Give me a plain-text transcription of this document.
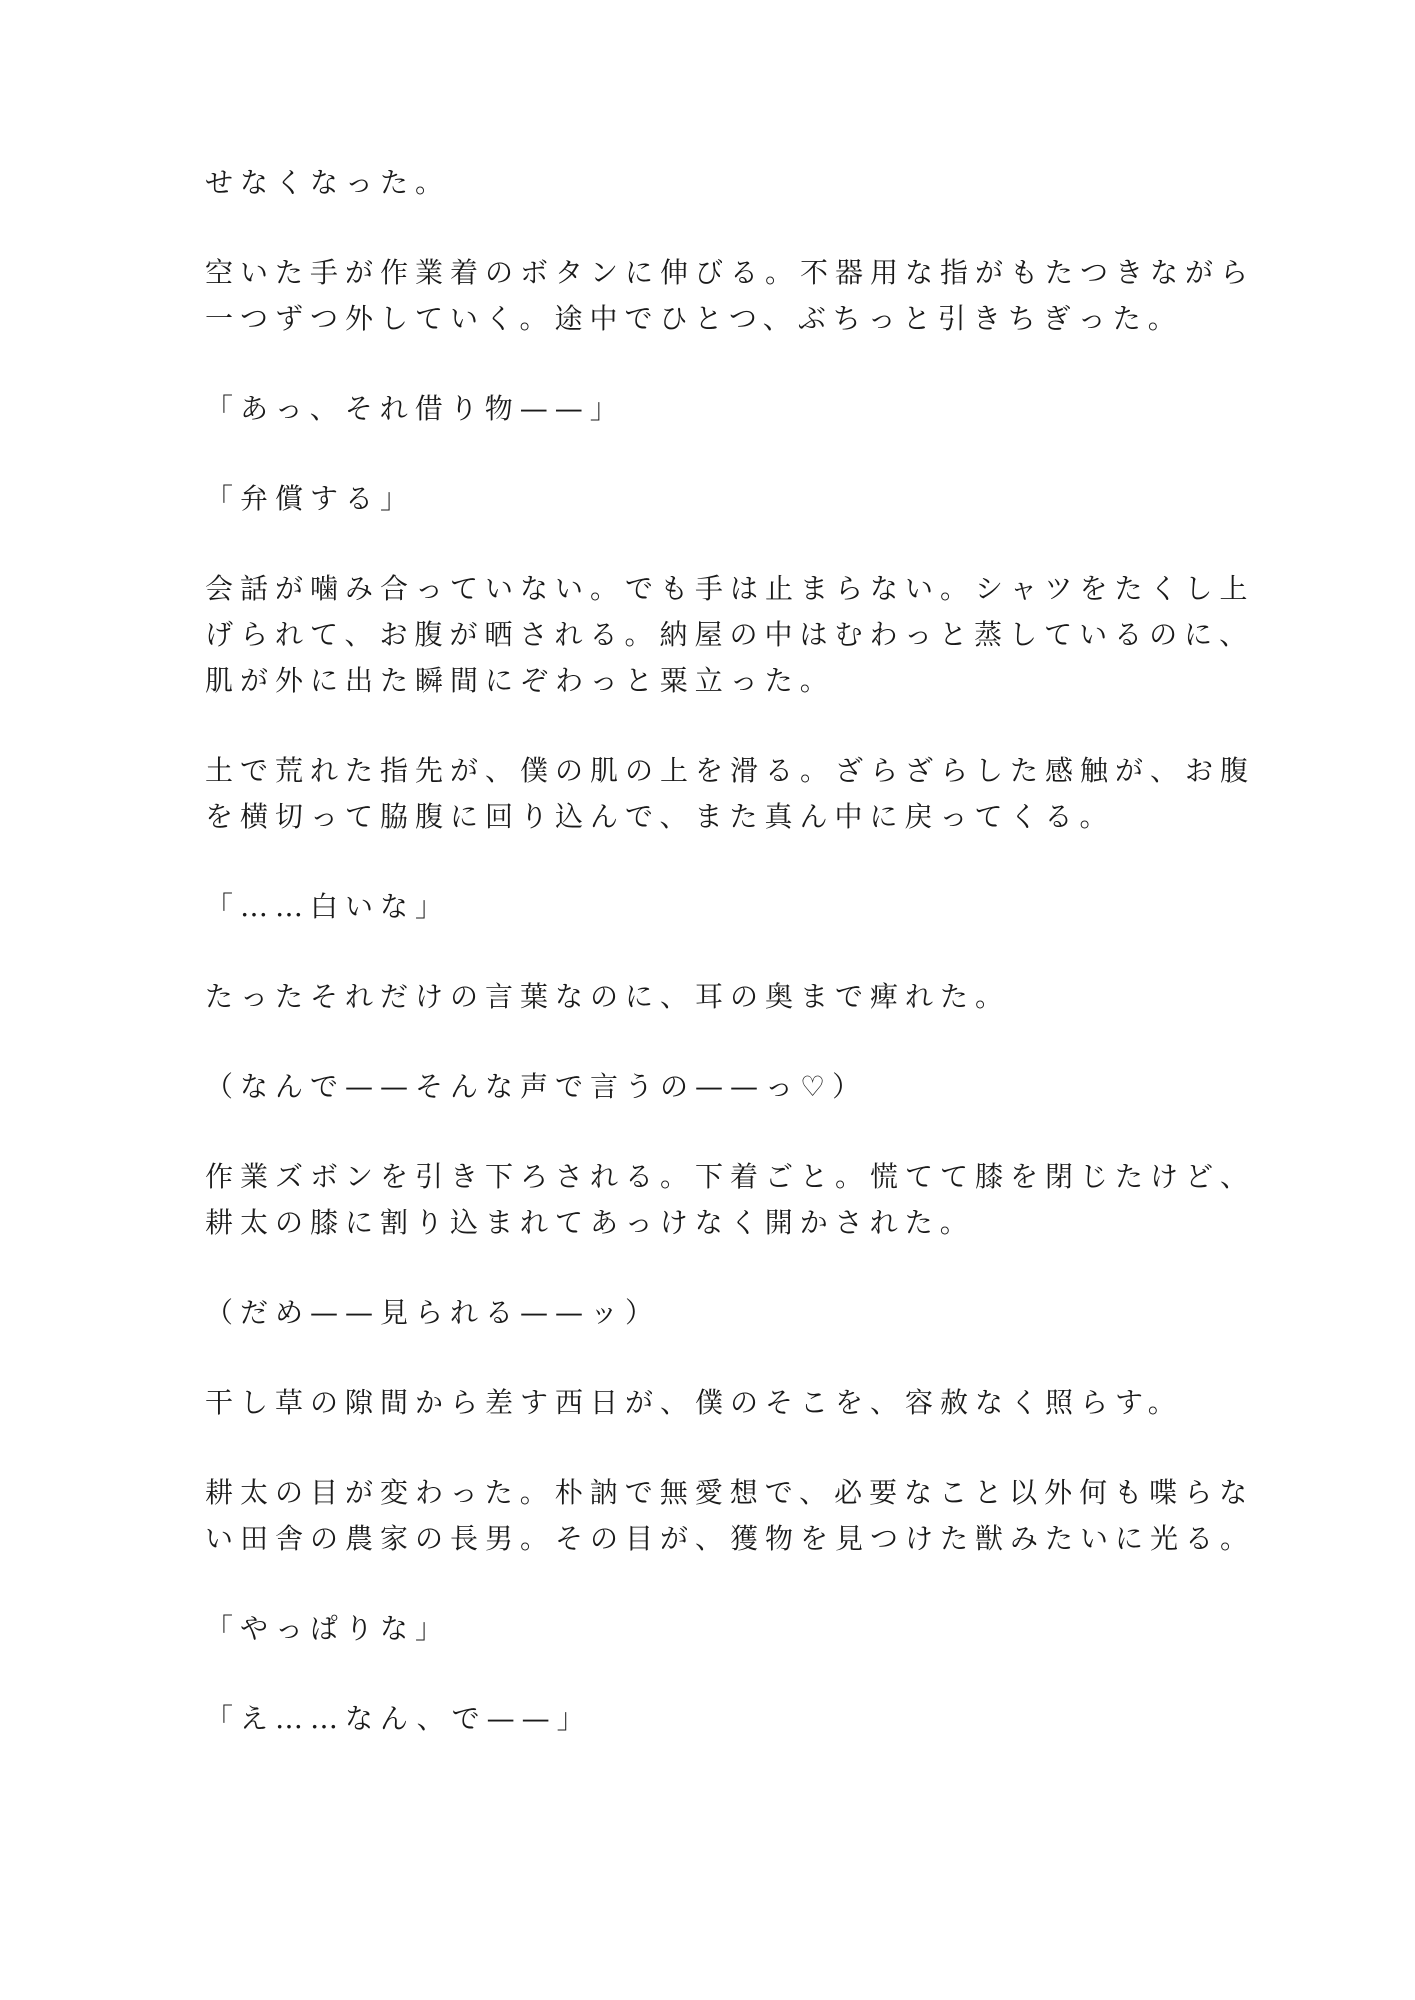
せなくなった。
空いた手が作業着のボタンに伸びる。不器用な指がもたつきながら
一つずつ外していく。途中でひとつ、ぶちっと引きちぎった。
「あっ、それ借り物——」
「弁償する」
会話が噛み合っていない。でも手は止まらない。シャツをたくし上
げられて、お腹が晒される。納屋の中はむわっと蒸しているのに、
肌が外に出た瞬間にぞわっと粟立った。
土で荒れた指先が、僕の肌の上を滑る。ざらざらした感触が、お腹
を横切って脇腹に回り込んで、また真ん中に戻ってくる。
「……白いな」
たったそれだけの言葉なのに、耳の奥まで痺れた。
（なんで——そんな声で言うの——っ♡）
作業ズボンを引き下ろされる。下着ごと。慌てて膝を閉じたけど、
耕太の膝に割り込まれてあっけなく開かされた。
（だめ——見られる——ッ）
干し草の隙間から差す西日が、僕のそこを、容赦なく照らす。
耕太の目が変わった。朴訥で無愛想で、必要なこと以外何も喋らな
い田舎の農家の長男。その目が、獲物を見つけた獣みたいに光る。
「やっぱりな」
「え……なん、で——」
